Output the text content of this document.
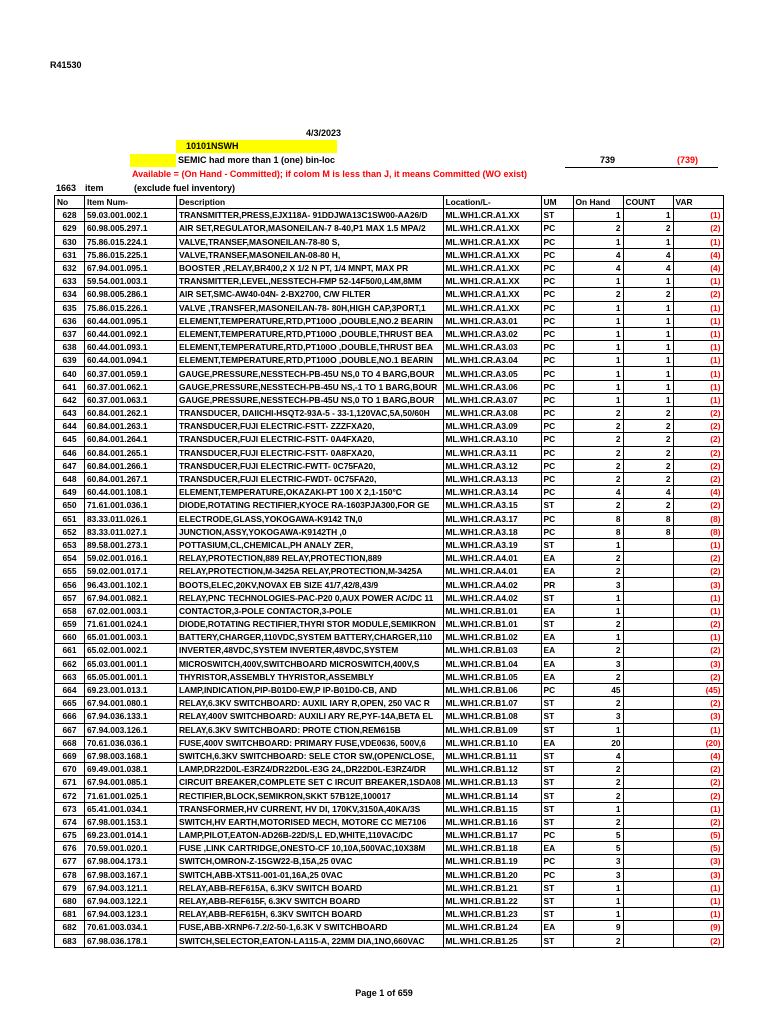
R41530
4/3/2023
10101NSWH
SEMIC had more than 1 (one) bin-loc	739	(739)
Available = (On Hand - Committed); if colom M is less than J, it means Committed (WO exist)
1663 item	(exclude fuel inventory)
No	Item Num-	Description	Location/L-	UM	On Hand	COUNT	VAR
628	59.03.001.002.1	TRANSMITTER,PRESS,EJX118A- 91DDJWA13C1SW00-AA26/D	ML.WH1.CR.A1.XX	ST	1	1	(1)
629	60.98.005.297.1	AIR SET,REGULATOR,MASONEILAN-7 8-40,P1 MAX 1.5 MPA/2	ML.WH1.CR.A1.XX	PC	2	2	(2)
630	75.86.015.224.1	VALVE,TRANSEF,MASONEILAN-78-80 S,	ML.WH1.CR.A1.XX	PC	1	1	(1)
631	75.86.015.225.1	VALVE,TRANSEF,MASONEILAN-08-80 H,	ML.WH1.CR.A1.XX	PC	4	4	(4)
632	67.94.001.095.1	BOOSTER ,RELAY,BR400,2 X 1/2 N PT, 1/4 MNPT, MAX PR	ML.WH1.CR.A1.XX	PC	4	4	(4)
633	59.54.001.003.1	TRANSMITTER,LEVEL,NESSTECH-FMP 52-14F50/0,L4M,8MM	ML.WH1.CR.A1.XX	PC	1	1	(1)
634	60.98.005.286.1	AIR SET,SMC-AW40-04N- 2-BX2700, C/W FILTER	ML.WH1.CR.A1.XX	PC	2	2	(2)
635	75.86.015.226.1	VALVE ,TRANSFER,MASONEILAN-78- 80H,HIGH CAP,3PORT,1	ML.WH1.CR.A1.XX	PC	1	1	(1)
636	60.44.001.095.1	ELEMENT,TEMPERATURE,RTD,PT100O ,DOUBLE,NO.2 BEARIN	ML.WH1.CR.A3.01	PC	1	1	(1)
637	60.44.001.092.1	ELEMENT,TEMPERATURE,RTD,PT100O ,DOUBLE,THRUST BEA	ML.WH1.CR.A3.02	PC	1	1	(1)
638	60.44.001.093.1	ELEMENT,TEMPERATURE,RTD,PT100O ,DOUBLE,THRUST BEA	ML.WH1.CR.A3.03	PC	1	1	(1)
639	60.44.001.094.1	ELEMENT,TEMPERATURE,RTD,PT100O ,DOUBLE,NO.1 BEARIN	ML.WH1.CR.A3.04	PC	1	1	(1)
640	60.37.001.059.1	GAUGE,PRESSURE,NESSTECH-PB-45U NS,0 TO 4 BARG,BOUR	ML.WH1.CR.A3.05	PC	1	1	(1)
641	60.37.001.062.1	GAUGE,PRESSURE,NESSTECH-PB-45U NS,-1 TO 1 BARG,BOUR	ML.WH1.CR.A3.06	PC	1	1	(1)
642	60.37.001.063.1	GAUGE,PRESSURE,NESSTECH-PB-45U NS,0 TO 1 BARG,BOUR	ML.WH1.CR.A3.07	PC	1	1	(1)
643	60.84.001.262.1	TRANSDUCER, DAIICHI-HSQT2-93A-5 - 33-1,120VAC,5A,50/60H	ML.WH1.CR.A3.08	PC	2	2	(2)
644	60.84.001.263.1	TRANSDUCER,FUJI ELECTRIC-FSTT- ZZZFXA20,	ML.WH1.CR.A3.09	PC	2	2	(2)
645	60.84.001.264.1	TRANSDUCER,FUJI ELECTRIC-FSTT- 0A4FXA20,	ML.WH1.CR.A3.10	PC	2	2	(2)
646	60.84.001.265.1	TRANSDUCER,FUJI ELECTRIC-FSTT- 0A8FXA20,	ML.WH1.CR.A3.11	PC	2	2	(2)
647	60.84.001.266.1	TRANSDUCER,FUJI ELECTRIC-FWTT- 0C75FA20,	ML.WH1.CR.A3.12	PC	2	2	(2)
648	60.84.001.267.1	TRANSDUCER,FUJI ELECTRIC-FWDT- 0C75FA20,	ML.WH1.CR.A3.13	PC	2	2	(2)
649	60.44.001.108.1	ELEMENT,TEMPERATURE,OKAZAKI-PT 100 X 2,1-150°C	ML.WH1.CR.A3.14	PC	4	4	(4)
650	71.61.001.036.1	DIODE,ROTATING RECTIFIER,KYOCE RA-1603PJA300,FOR GE	ML.WH1.CR.A3.15	ST	2	2	(2)
651	83.33.011.026.1	ELECTRODE,GLASS,YOKOGAWA-K9142 TN,0	ML.WH1.CR.A3.17	PC	8	8	(8)
652	83.33.011.027.1	JUNCTION,ASSY,YOKOGAWA-K9142TH ,0	ML.WH1.CR.A3.18	PC	8	8	(8)
653	89.58.001.273.1	POTTASIUM,CL,CHEMICAL,PH ANALY ZER,	ML.WH1.CR.A3.19	ST	1		(1)
654	59.02.001.016.1	RELAY,PROTECTION,889 RELAY,PROTECTION,889	ML.WH1.CR.A4.01	EA	2		(2)
655	59.02.001.017.1	RELAY,PROTECTION,M-3425A RELAY,PROTECTION,M-3425A	ML.WH1.CR.A4.01	EA	2		(2)
656	96.43.001.102.1	BOOTS,ELEC,20KV,NOVAX EB SIZE 41/7,42/8,43/9	ML.WH1.CR.A4.02	PR	3		(3)
657	67.94.001.082.1	RELAY,PNC TECHNOLOGIES-PAC-P20 0,AUX POWER AC/DC 11	ML.WH1.CR.A4.02	ST	1		(1)
658	67.02.001.003.1	CONTACTOR,3-POLE CONTACTOR,3-POLE	ML.WH1.CR.B1.01	EA	1		(1)
659	71.61.001.024.1	DIODE,ROTATING RECTIFIER,THYRI STOR MODULE,SEMIKRON	ML.WH1.CR.B1.01	ST	2		(2)
660	65.01.001.003.1	BATTERY,CHARGER,110VDC,SYSTEM BATTERY,CHARGER,110	ML.WH1.CR.B1.02	EA	1		(1)
661	65.02.001.002.1	INVERTER,48VDC,SYSTEM INVERTER,48VDC,SYSTEM	ML.WH1.CR.B1.03	EA	2		(2)
662	65.03.001.001.1	MICROSWITCH,400V,SWITCHBOARD MICROSWITCH,400V,S	ML.WH1.CR.B1.04	EA	3		(3)
663	65.05.001.001.1	THYRISTOR,ASSEMBLY THYRISTOR,ASSEMBLY	ML.WH1.CR.B1.05	EA	2		(2)
664	69.23.001.013.1	LAMP,INDICATION,PIP-B01D0-EW,P IP-B01D0-CB, AND	ML.WH1.CR.B1.06	PC	45		(45)
665	67.94.001.080.1	RELAY,6.3KV SWITCHBOARD: AUXIL IARY R,OPEN, 250 VAC R	ML.WH1.CR.B1.07	ST	2		(2)
666	67.94.036.133.1	RELAY,400V SWITCHBOARD: AUXILI ARY RE,PYF-14A,BETA EL	ML.WH1.CR.B1.08	ST	3		(3)
667	67.94.003.126.1	RELAY,6.3KV SWITCHBOARD: PROTE CTION,REM615B	ML.WH1.CR.B1.09	ST	1		(1)
668	70.61.036.036.1	FUSE,400V SWITCHBOARD: PRIMARY FUSE,VDE0636, 500V,6	ML.WH1.CR.B1.10	EA	20		(20)
669	67.98.003.168.1	SWITCH,6.3KV SWITCHBOARD: SELE CTOR SW,(OPEN/CLOSE,	ML.WH1.CR.B1.11	ST	4		(4)
670	69.49.001.038.1	LAMP,DR22D0L-E3RZ4/DR22D0L-E3G 24,,DR22D0L-E3RZ4/DR	ML.WH1.CR.B1.12	ST	2		(2)
671	67.94.001.085.1	CIRCUIT BREAKER,COMPLETE SET C IRCUIT BREAKER,1SDA08	ML.WH1.CR.B1.13	ST	2		(2)
672	71.61.001.025.1	RECTIFIER,BLOCK,SEMIKRON,SKKT 57B12E,100017	ML.WH1.CR.B1.14	ST	2		(2)
673	65.41.001.034.1	TRANSFORMER,HV CURRENT, HV DI, 170KV,3150A,40KA/3S	ML.WH1.CR.B1.15	ST	1		(1)
674	67.98.001.153.1	SWITCH,HV EARTH,MOTORISED MECH, MOTORE CC ME7106	ML.WH1.CR.B1.16	ST	2		(2)
675	69.23.001.014.1	LAMP,PILOT,EATON-AD26B-22D/S,L ED,WHITE,110VAC/DC	ML.WH1.CR.B1.17	PC	5		(5)
676	70.59.001.020.1	FUSE ,LINK CARTRIDGE,ONESTO-CF 10,10A,500VAC,10X38M	ML.WH1.CR.B1.18	EA	5		(5)
677	67.98.004.173.1	SWITCH,OMRON-Z-15GW22-B,15A,25 0VAC	ML.WH1.CR.B1.19	PC	3		(3)
678	67.98.003.167.1	SWITCH,ABB-XTS11-001-01,16A,25 0VAC	ML.WH1.CR.B1.20	PC	3		(3)
679	67.94.003.121.1	RELAY,ABB-REF615A, 6.3KV SWITCH BOARD	ML.WH1.CR.B1.21	ST	1		(1)
680	67.94.003.122.1	RELAY,ABB-REF615F, 6.3KV SWITCH BOARD	ML.WH1.CR.B1.22	ST	1		(1)
681	67.94.003.123.1	RELAY,ABB-REF615H, 6.3KV SWITCH BOARD	ML.WH1.CR.B1.23	ST	1		(1)
682	70.61.003.034.1	FUSE,ABB-XRNP6-7.2/2-50-1,6.3K V SWITCHBOARD	ML.WH1.CR.B1.24	EA	9		(9)
683	67.98.036.178.1	SWITCH,SELECTOR,EATON-LA115-A, 22MM DIA,1NO,660VAC	ML.WH1.CR.B1.25	ST	2		(2)
Page 1 of 659
